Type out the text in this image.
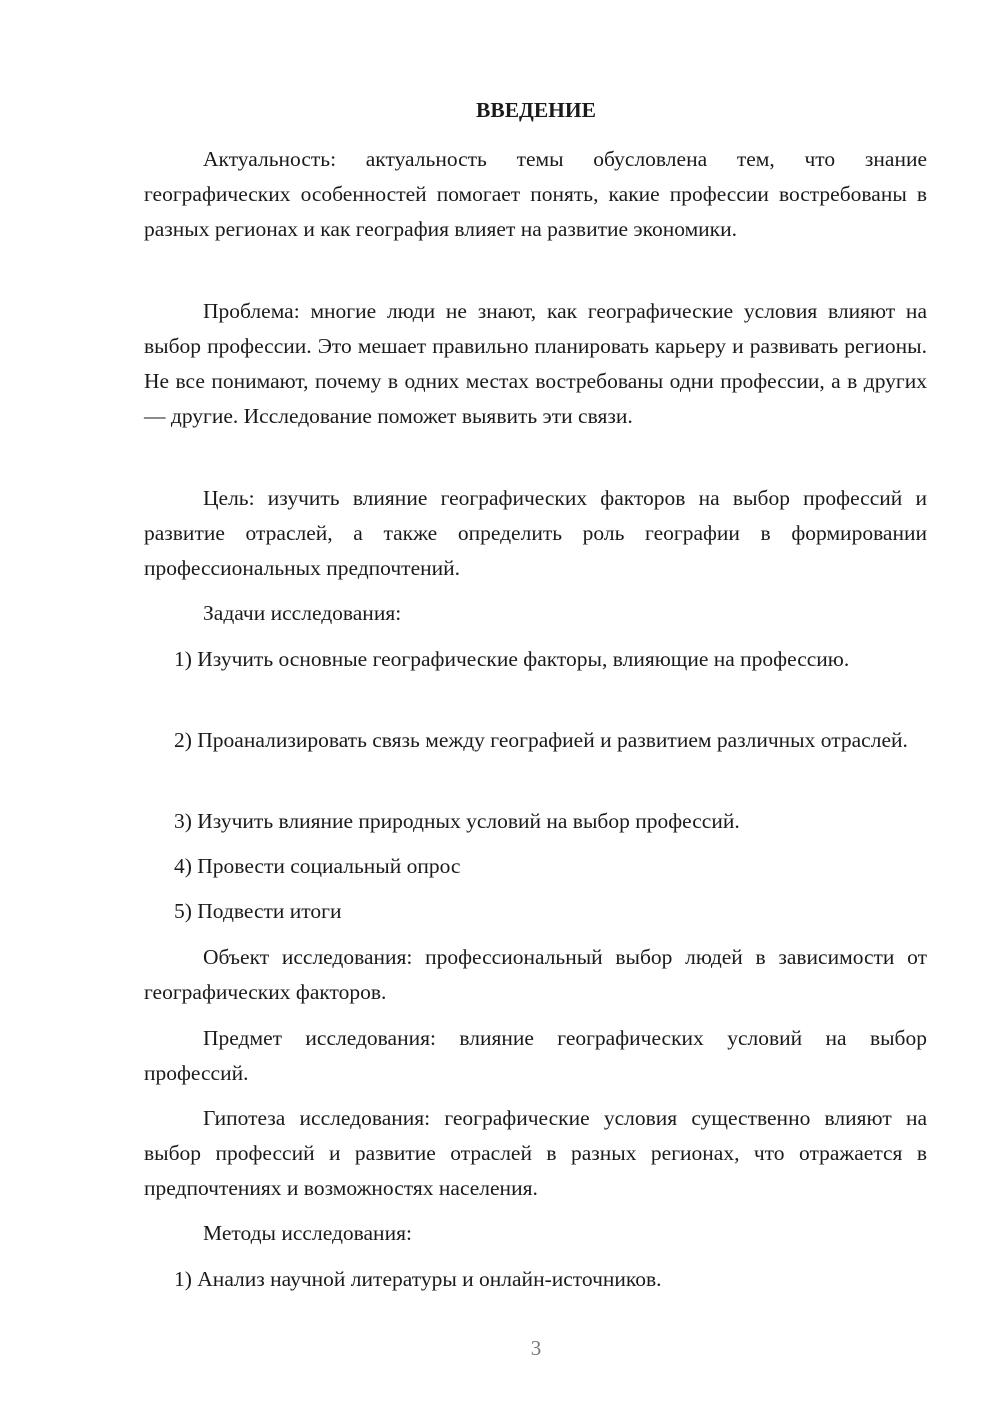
ВВЕДЕНИЕ

Актуальность: актуальность темы обусловлена тем, что знание географических особенностей помогает понять, какие профессии востребованы в разных регионах и как география влияет на развитие экономики.

Проблема: многие люди не знают, как географические условия влияют на выбор профессии. Это мешает правильно планировать карьеру и развивать регионы. Не все понимают, почему в одних местах востребованы одни профессии, а в других — другие. Исследование поможет выявить эти связи.

Цель: изучить влияние географических факторов на выбор профессий и развитие отраслей, а также определить роль географии в формировании профессиональных предпочтений.

Задачи исследования:

1) Изучить основные географические факторы, влияющие на профессию.

2) Проанализировать связь между географией и развитием различных отраслей.

3) Изучить влияние природных условий на выбор профессий.

4) Провести социальный опрос

5) Подвести итоги

Объект исследования: профессиональный выбор людей в зависимости от географических факторов.

Предмет исследования: влияние географических условий на выбор профессий.

Гипотеза исследования: географические условия существенно влияют на выбор профессий и развитие отраслей в разных регионах, что отражается в предпочтениях и возможностях населения.

Методы исследования:

1) Анализ научной литературы и онлайн-источников.

3
